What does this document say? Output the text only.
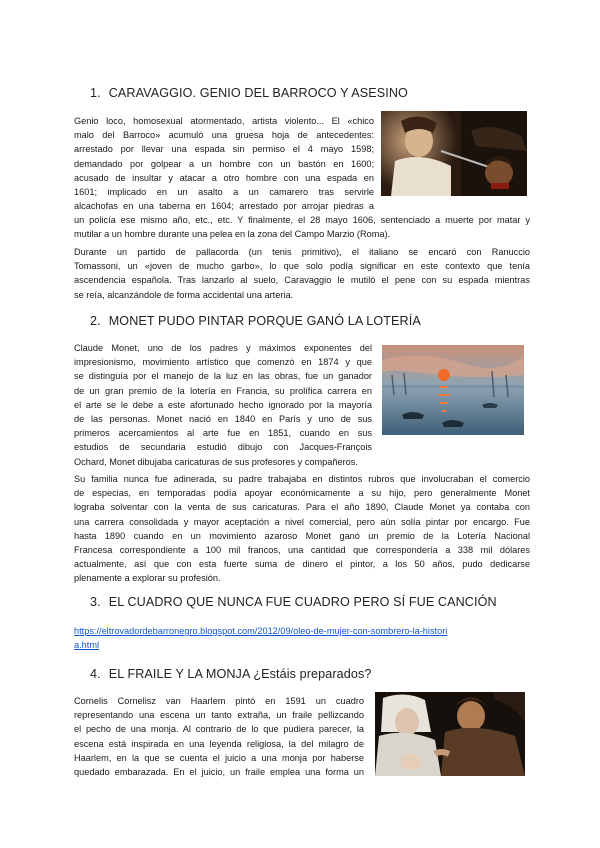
1. CARAVAGGIO. GENIO DEL BARROCO Y ASESINO
Genio loco, homosexual atormentado, artista violento... El «chico
malo del Barroco» acumuló una gruesa hoja de antecedentes:
arrestado por llevar una espada sin permiso el 4 mayo 1598;
demandado por golpear a un hombre con un bastón en 1600;
acusado de insultar y atacar a otro hombre con una espada en
1601; implicado en un asalto a un camarero tras servirle
alcachofas en una taberna en 1604; arrestado por arrojar piedras a
un policía ese mismo año, etc., etc. Y finalmente, el 28 mayo 1606, sentenciado a muerte por matar y
mutilar a un hombre durante una pelea en la zona del Campo Marzio (Roma).
Durante un partido de pallacorda (un tenis primitivo), el italiano se encaró con Ranuccio
Tomassoni, un «joven de mucho garbo», lo que solo podía significar en este contexto que tenía
ascendencia española. Tras lanzarlo al suelo, Caravaggio le mutiló el pene con su espada mientras
se reía, alcanzándole de forma accidental una arteria.
2. MONET PUDO PINTAR PORQUE GANÓ LA LOTERÍA
Claude Monet, uno de los padres y máximos exponentes del
impresionismo, movimiento artístico que comenzó en 1874 y que
se distinguía por el manejo de la luz en las obras, fue un ganador
de un gran premio de la lotería en Francia, su prolífica carrera en
el arte se le debe a este afortunado hecho ignorado por la mayoría
de las personas. Monet nació en 1840 en París y uno de sus
primeros acercamientos al arte fue en 1851, cuando en sus
estudios de secundaria estudió dibujo con Jacques-François
Ochard, Monet dibujaba caricaturas de sus profesores y compañeros.
Su familia nunca fue adinerada, su padre trabajaba en distintos rubros que involucraban el comercio
de especias, en temporadas podía apoyar económicamente a su hijo, pero generalmente Monet
lograba solventar con la venta de sus caricaturas. Para el año 1890, Claude Monet ya contaba con
una carrera consolidada y mayor aceptación a nivel comercial, pero aún solía pintar por encargo. Fue
hasta 1890 cuando en un movimiento azaroso Monet ganó un premio de la Lotería Nacional
Francesa correspondiente a 100 mil francos, una cantidad que correspondería a 338 mil dólares
actualmente, así que con esta fuerte suma de dinero el pintor, a los 50 años, pudo dedicarse
plenamente a explorar su profesión.
3. EL CUADRO QUE NUNCA FUE CUADRO PERO SÍ FUE CANCIÓN
https://eltrovadordebarronegro.blogspot.com/2012/09/oleo-de-mujer-con-sombrero-la-histori
a.html
4. EL FRAILE Y LA MONJA ¿Estáis preparados?
Cornelis Cornelisz van Haarlem pintó en 1591 un cuadro
representando una escena un tanto extraña, un fraile pellizcando
el pecho de una monja. Al contrario de lo que pudiera parecer, la
escena está inspirada en una leyenda religiosa, la del milagro de
Haarlem, en la que se cuenta el juicio a una monja por haberse
quedado embarazada. En el juicio, un fraile emplea una forma un
